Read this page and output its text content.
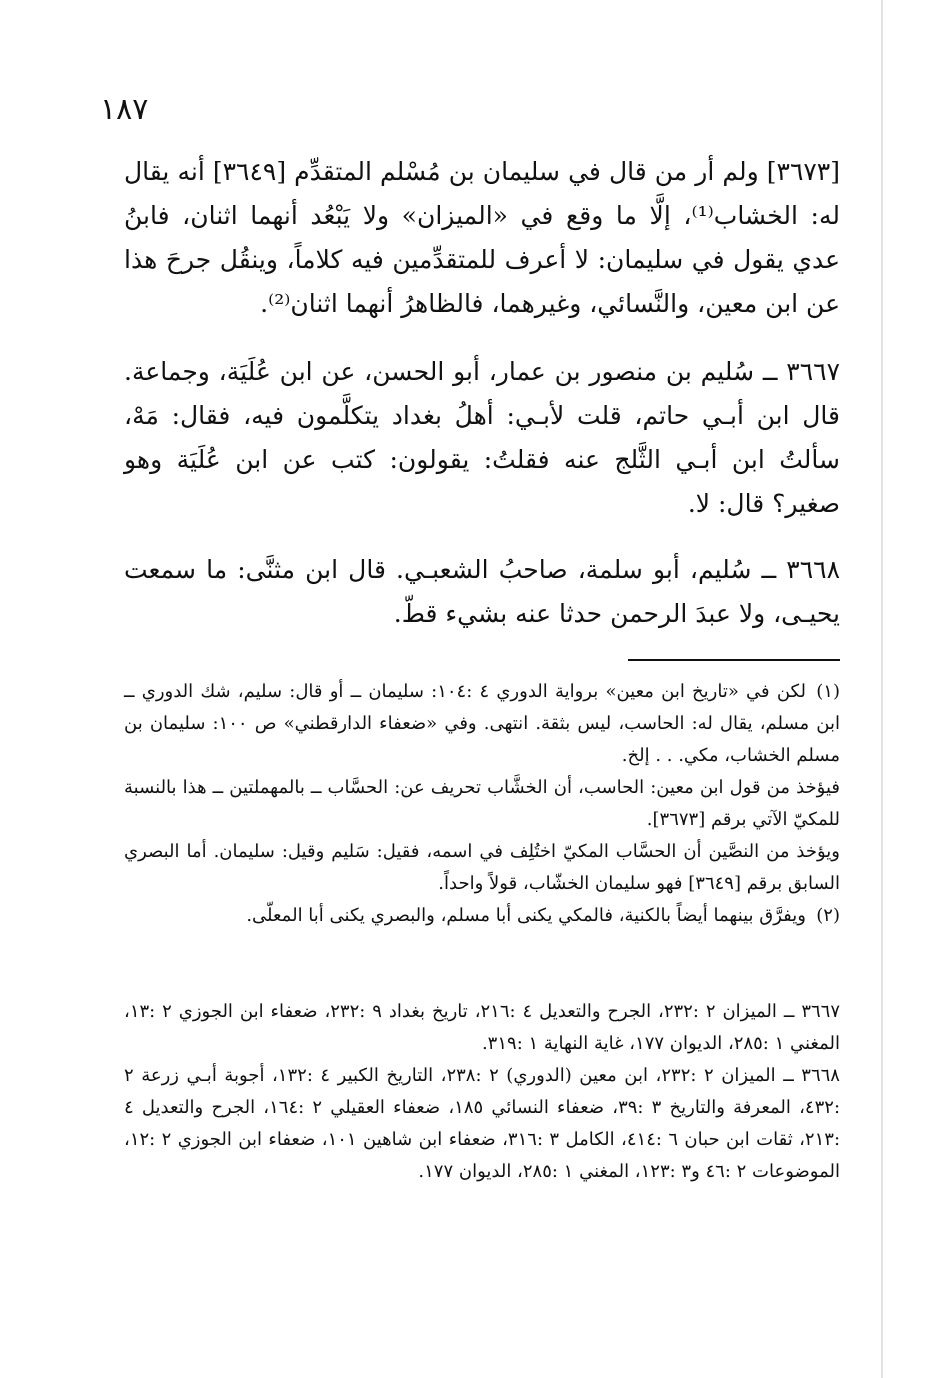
١٨٧

[٣٦٧٣] ولم أر من قال في سليمان بن مُسْلم المتقدِّم [٣٦٤٩] أنه يقال له: الخشاب⁽¹⁾، إلَّا ما وقع في «الميزان» ولا يَبْعُد أنهما اثنان، فابنُ عدي يقول في سليمان: لا أعرف للمتقدِّمين فيه كلاماً، وينقُل جرحَ هذا عن ابن معين، والنَّسائي، وغيرهما، فالظاهرُ أنهما اثنان⁽²⁾.

٣٦٦٧ ــ سُليم بن منصور بن عمار، أبو الحسن، عن ابن عُلَيَة، وجماعة. قال ابن أبـي حاتم، قلت لأبـي: أهلُ بغداد يتكلَّمون فيه، فقال: مَهْ، سألتُ ابن أبـي الثَّلج عنه فقلتُ: يقولون: كتب عن ابن عُلَيَة وهو صغير؟ قال: لا.

٣٦٦٨ ــ سُليم، أبو سلمة، صاحبُ الشعبـي. قال ابن مثنَّى: ما سمعت يحيـى، ولا عبدَ الرحمن حدثا عنه بشيء قطّ.

(١)لكن في «تاريخ ابن معين» برواية الدوري ٤ :١٠٤: سليمان ــ أو قال: سليم، شك الدوري ــ ابن مسلم، يقال له: الحاسب، ليس بثقة. انتهى. وفي «ضعفاء الدارقطني» ص ١٠٠: سليمان بن مسلم الخشاب، مكي. . . إلخ.

فيؤخذ من قول ابن معين: الحاسب، أن الخشَّاب تحريف عن: الحسَّاب ــ بالمهملتين ــ هذا بالنسبة للمكيّ الآتي برقم [٣٦٧٣].

ويؤخذ من النصَّين أن الحسَّاب المكيّ اختُلِف في اسمه، فقيل: سَليم وقيل: سليمان. أما البصري السابق برقم [٣٦٤٩] فهو سليمان الخشّاب، قولاً واحداً.

(٢)ويفرَّق بينهما أيضاً بالكنية، فالمكي يكنى أبا مسلم، والبصري يكنى أبا المعلّى.

٣٦٦٧ ــ الميزان ٢ :٢٣٢، الجرح والتعديل ٤ :٢١٦، تاريخ بغداد ٩ :٢٣٢، ضعفاء ابن الجوزي ٢ :١٣، المغني ١ :٢٨٥، الديوان ١٧٧، غاية النهاية ١ :٣١٩.

٣٦٦٨ ــ الميزان ٢ :٢٣٢، ابن معين (الدوري) ٢ :٢٣٨، التاريخ الكبير ٤ :١٣٢، أجوبة أبـي زرعة ٢ :٤٣٢، المعرفة والتاريخ ٣ :٣٩، ضعفاء النسائي ١٨٥، ضعفاء العقيلي ٢ :١٦٤، الجرح والتعديل ٤ :٢١٣، ثقات ابن حبان ٦ :٤١٤، الكامل ٣ :٣١٦، ضعفاء ابن شاهين ١٠١، ضعفاء ابن الجوزي ٢ :١٢، الموضوعات ٢ :٤٦ و٣ :١٢٣، المغني ١ :٢٨٥، الديوان ١٧٧.
